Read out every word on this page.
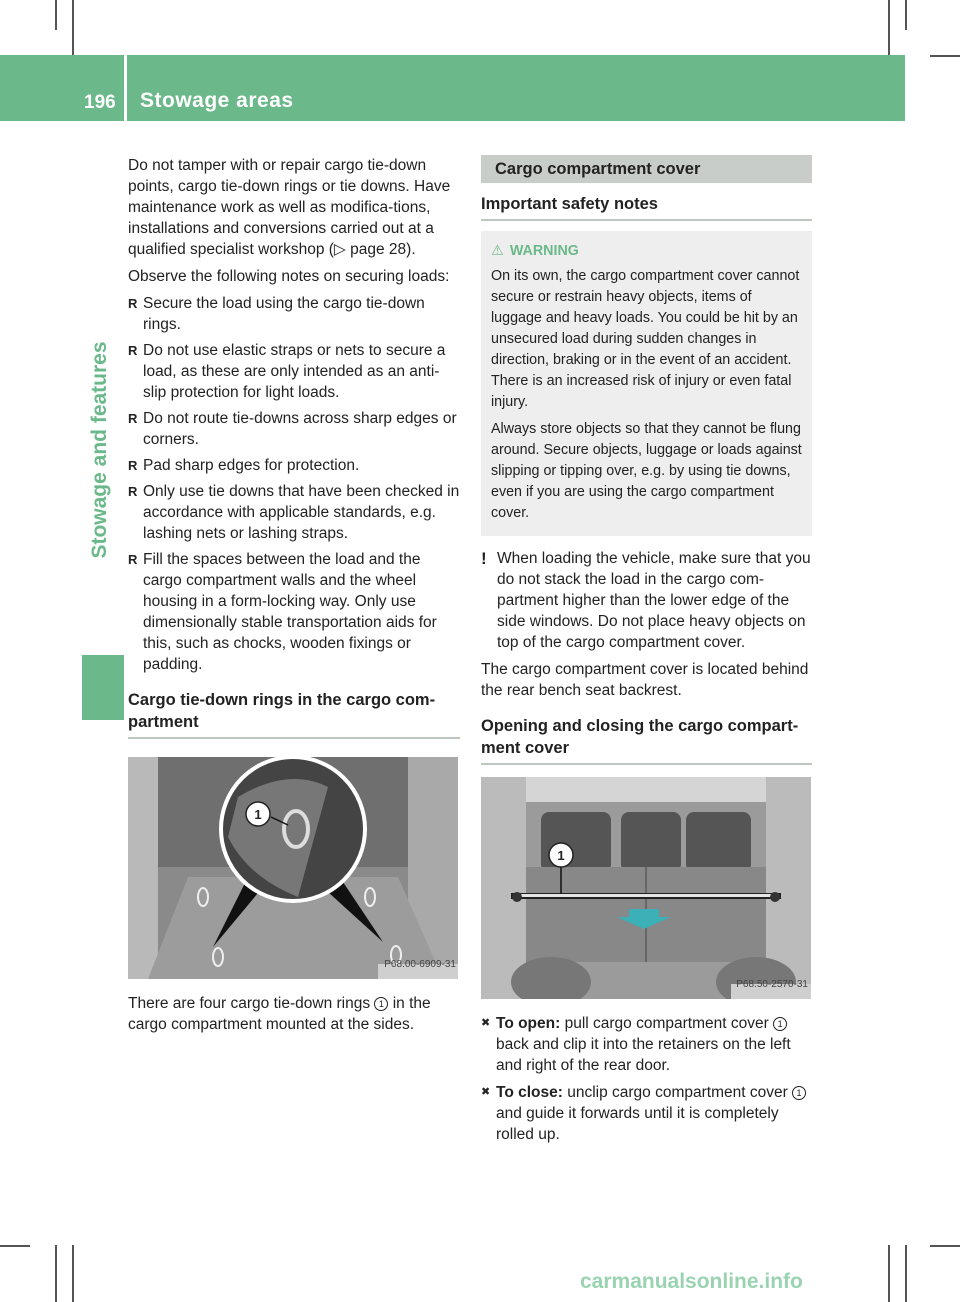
196 Stowage areas
Stowage and features

Do not tamper with or repair cargo tie-down points, cargo tie-down rings or tie downs. Have maintenance work as well as modifica-tions, installations and conversions carried out at a qualified specialist workshop (▷ page 28).

Observe the following notes on securing loads:

R Secure the load using the cargo tie-down rings.
R Do not use elastic straps or nets to secure a load, as these are only intended as an anti-slip protection for light loads.
R Do not route tie-downs across sharp edges or corners.
R Pad sharp edges for protection.
R Only use tie downs that have been checked in accordance with applicable standards, e.g. lashing nets or lashing straps.
R Fill the spaces between the load and the cargo compartment walls and the wheel housing in a form-locking way. Only use dimensionally stable transportation aids for this, such as chocks, wooden fixings or padding.
Cargo tie-down rings in the cargo com-partment
1
P68.00-6909-31

There are four cargo tie-down rings 1 in the cargo compartment mounted at the sides.

Cargo compartment cover
Important safety notes
⚠ WARNING

On its own, the cargo compartment cover cannot secure or restrain heavy objects, items of luggage and heavy loads. You could be hit by an unsecured load during sudden changes in direction, braking or in the event of an accident. There is an increased risk of injury or even fatal injury.

Always store objects so that they cannot be flung around. Secure objects, luggage or loads against slipping or tipping over, e.g. by using tie downs, even if you are using the cargo compartment cover.

! When loading the vehicle, make sure that you do not stack the load in the cargo com-partment higher than the lower edge of the side windows. Do not place heavy objects on top of the cargo compartment cover.

The cargo compartment cover is located behind the rear bench seat backrest.

Opening and closing the cargo compart-ment cover
1
P68.50-2570-31
✖ To open: pull cargo compartment cover 1 back and clip it into the retainers on the left and right of the rear door.
✖ To close: unclip cargo compartment cover 1 and guide it forwards until it is completely rolled up.
carmanualsonline.info
